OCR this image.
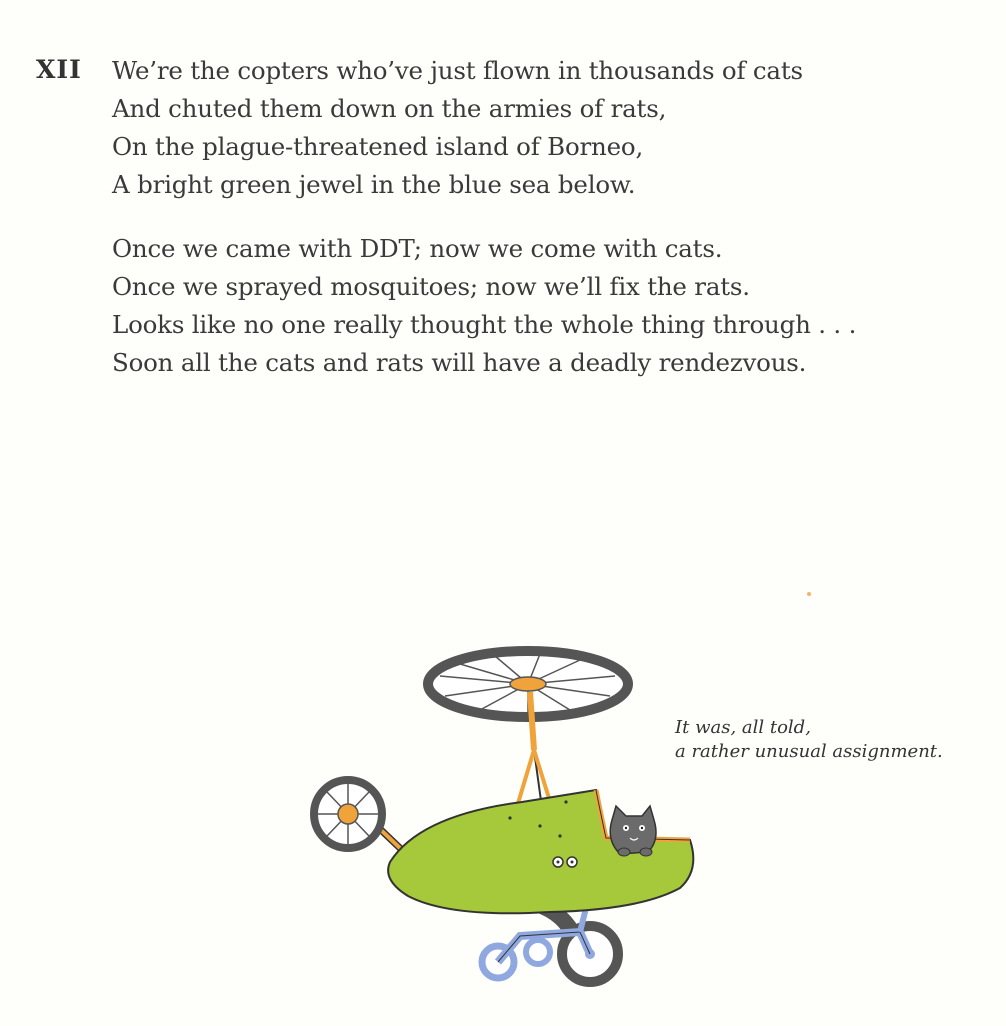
XII We’re the copters who’ve just flown in thousands of cats
And chuted them down on the armies of rats,
On the plague-threatened island of Borneo,
A bright green jewel in the blue sea below.
Once we came with DDT; now we come with cats.
Once we sprayed mosquitoes; now we’ll fix the rats.
Looks like no one really thought the whole thing through . . .
Soon all the cats and rats will have a deadly rendezvous.
It was, all told,
a rather unusual assignment.
